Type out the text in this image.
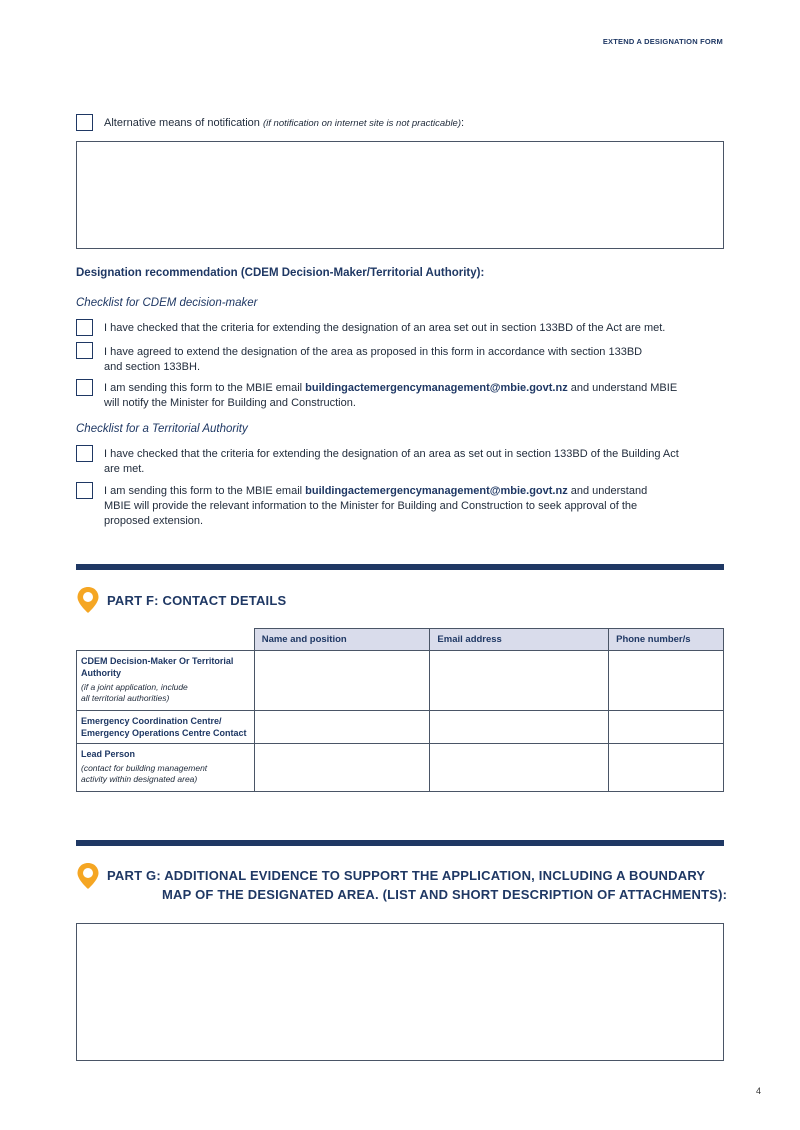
EXTEND A DESIGNATION FORM
Alternative means of notification (if notification on internet site is not practicable):
Designation recommendation (CDEM Decision-Maker/Territorial Authority):
Checklist for CDEM decision-maker
I have checked that the criteria for extending the designation of an area set out in section 133BD of the Act are met.
I have agreed to extend the designation of the area as proposed in this form in accordance with section 133BD
and section 133BH.
I am sending this form to the MBIE email buildingactemergencymanagement@mbie.govt.nz and understand MBIE
will notify the Minister for Building and Construction.
Checklist for a Territorial Authority
I have checked that the criteria for extending the designation of an area as set out in section 133BD of the Building Act
are met.
I am sending this form to the MBIE email buildingactemergencymanagement@mbie.govt.nz and understand
MBIE will provide the relevant information to the Minister for Building and Construction to seek approval of the
proposed extension.
PART F: CONTACT DETAILS
	Name and position	Email address	Phone number/s

CDEM Decision-Maker Or Territorial
Authority
(if a joint application, include
all territorial authorities)			

Emergency Coordination Centre/
Emergency Operations Centre Contact			

Lead Person
(contact for building management
activity within designated area)			

PART G: ADDITIONAL EVIDENCE TO SUPPORT THE APPLICATION, INCLUDING A BOUNDARY
MAP OF THE DESIGNATED AREA. (LIST AND SHORT DESCRIPTION OF ATTACHMENTS):
4
